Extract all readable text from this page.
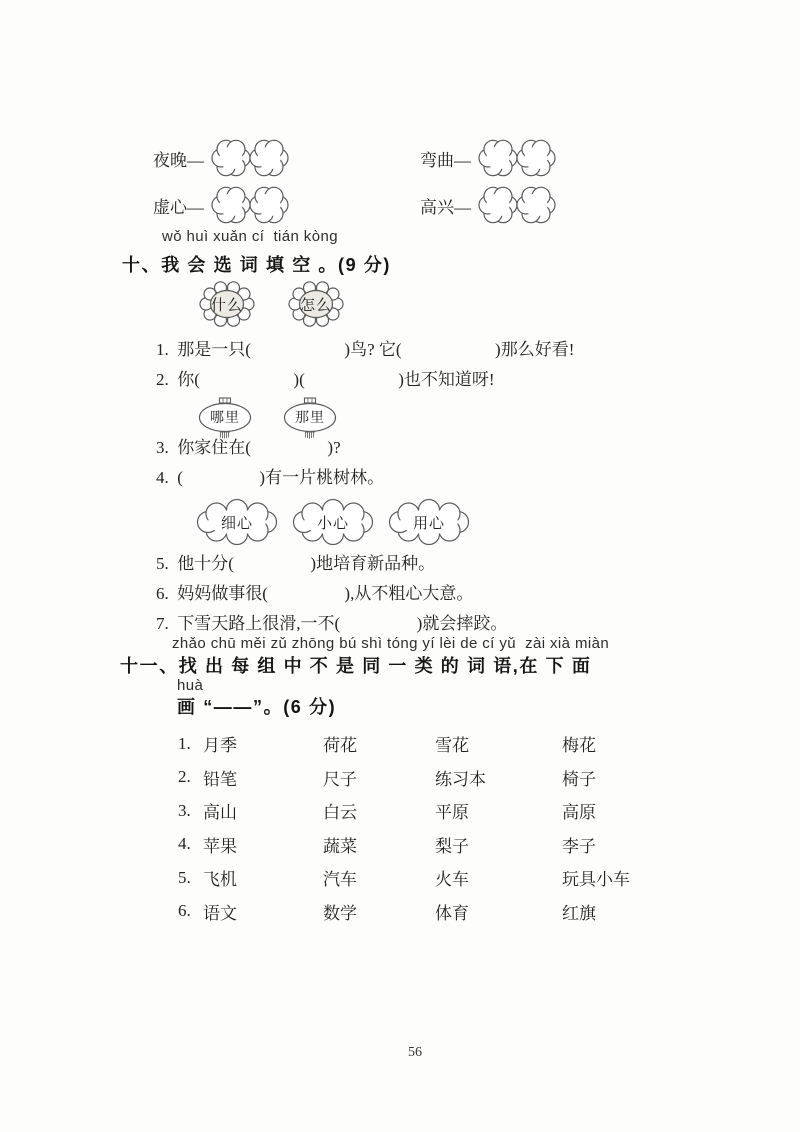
夜晚—	弯曲—
虚心—	高兴—
wǒ huì xuǎn cí  tián kòng
十、我 会 选 词 填 空 。(9 分)
什么	怎么
1.  那是一只(                      )鸟? 它(                      )那么好看!
2.  你(                      )(                      )也不知道呀!
哪里	那里
3.  你家住在(                  )?
4.  (                  )有一片桃树林。
细心	小心	用心
5.  他十分(                  )地培育新品种。
6.  妈妈做事很(                  ),从不粗心大意。
7.  下雪天路上很滑,一不(                  )就会摔跤。
zhǎo chū měi zǔ zhōng bú shì tóng yí lèi de cí yǔ  zài xià miàn
十一、找 出 每 组 中 不 是 同 一 类 的 词 语,在 下 面
huà
画 “——”。(6 分)
1. 月季	荷花	雪花	梅花
2. 铅笔	尺子	练习本	椅子
3. 高山	白云	平原	高原
4. 苹果	蔬菜	梨子	李子
5. 飞机	汽车	火车	玩具小车
6. 语文	数学	体育	红旗
56
